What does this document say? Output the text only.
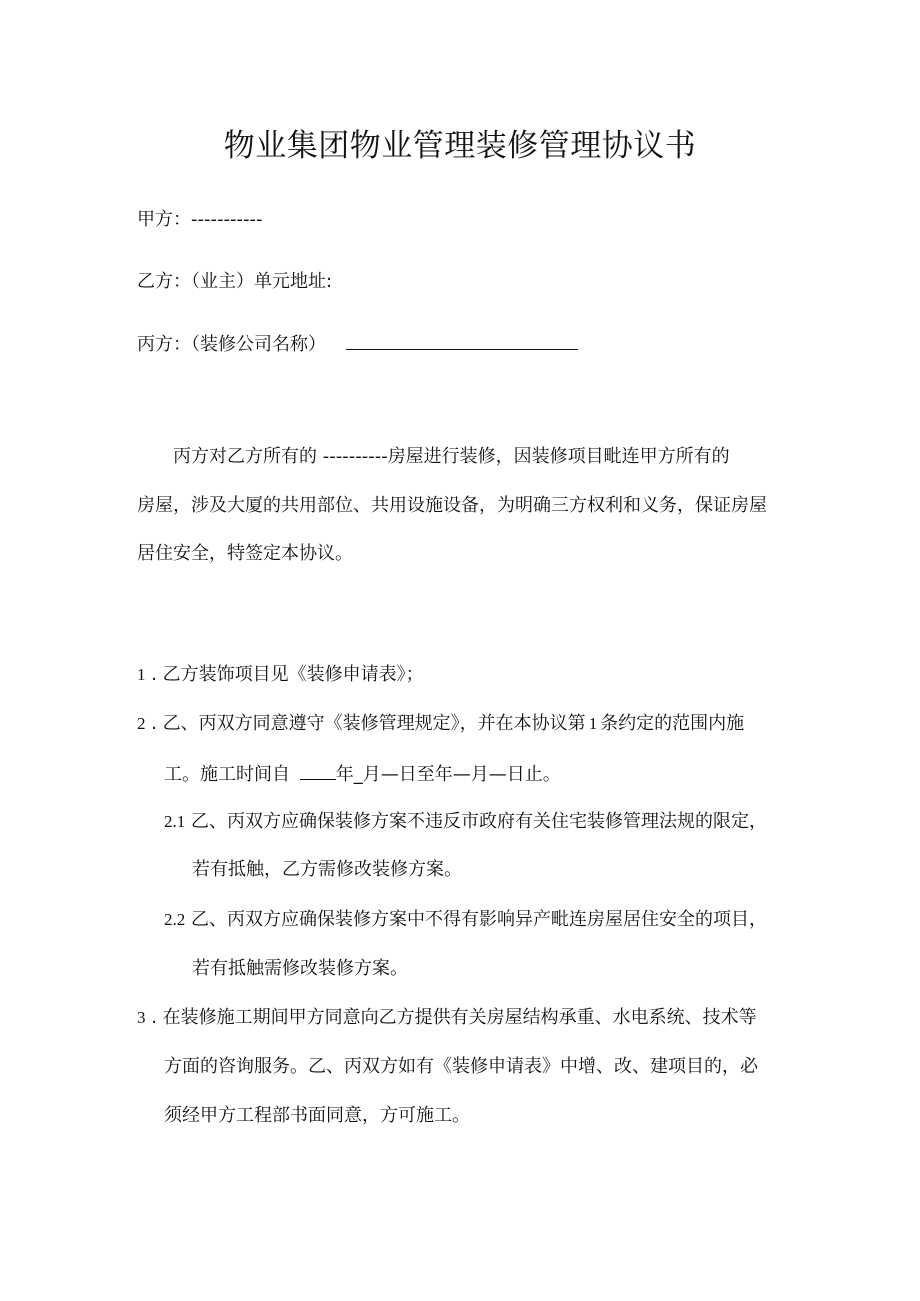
物业集团物业管理装修管理协议书
甲方：-----------
乙方：（业主）单元地址:
丙方：（装修公司名称）
丙方对乙方所有的 ----------房屋进行装修，因装修项目毗连甲方所有的
房屋，涉及大厦的共用部位、共用设施设备，为明确三方权利和义务，保证房屋
居住安全，特签定本协议。
1 . 乙方装饰项目见《装修申请表》；
2 . 乙、丙双方同意遵守《装修管理规定》，并在本协议第 1 条约定的范围内施
工。施工时间自	年_月—日至年—月—日止。
2.1 乙、丙双方应确保装修方案不违反市政府有关住宅装修管理法规的限定，
若有抵触，乙方需修改装修方案。
2.2 乙、丙双方应确保装修方案中不得有影响异产毗连房屋居住安全的项目，
若有抵触需修改装修方案。
3 . 在装修施工期间甲方同意向乙方提供有关房屋结构承重、水电系统、技术等
方面的咨询服务。乙、丙双方如有《装修申请表》中增、改、建项目的，必
须经甲方工程部书面同意，方可施工。
